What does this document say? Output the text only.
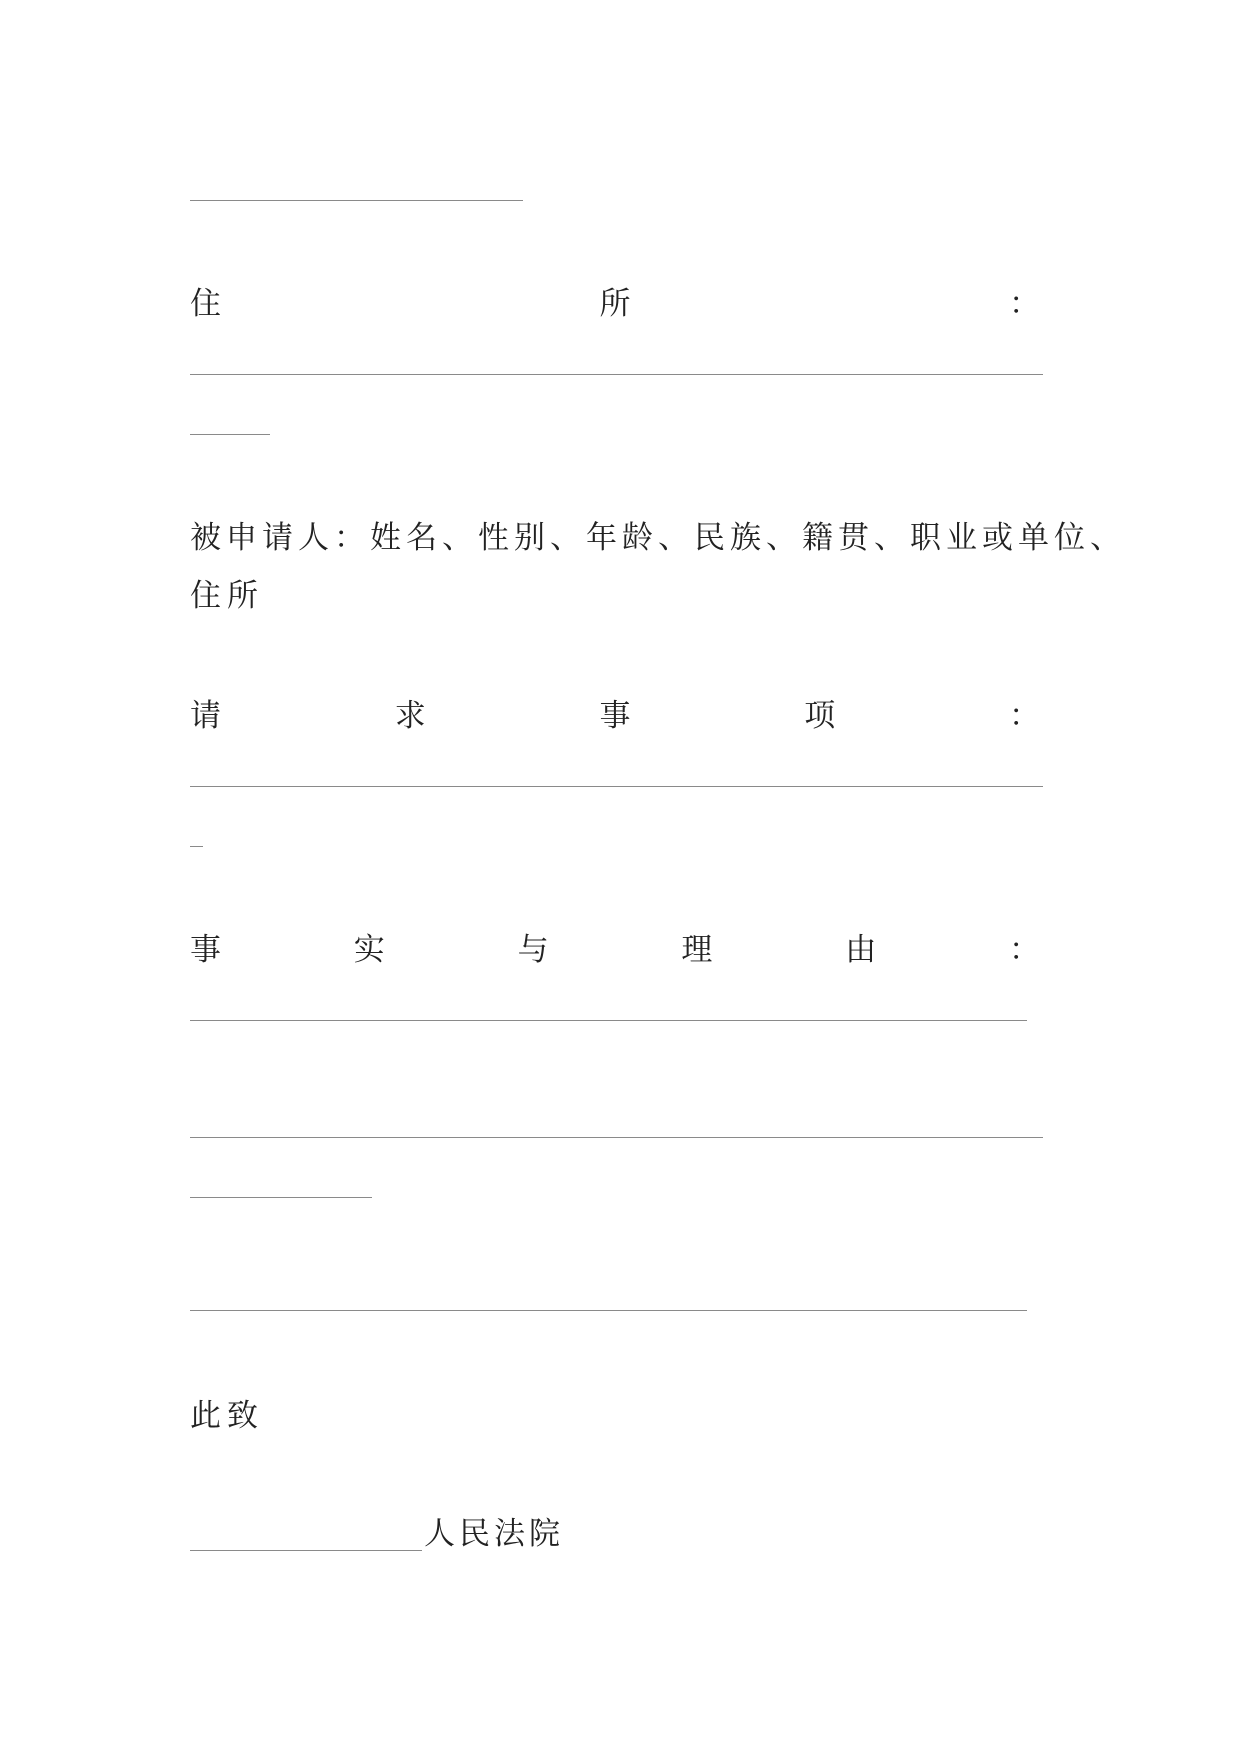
住	所	：
被申请人：姓名、性别、年龄、民族、籍贯、职业或单位、
住所
请	求	事	项	：
事	实	与	理	由	：
此致
人民法院
